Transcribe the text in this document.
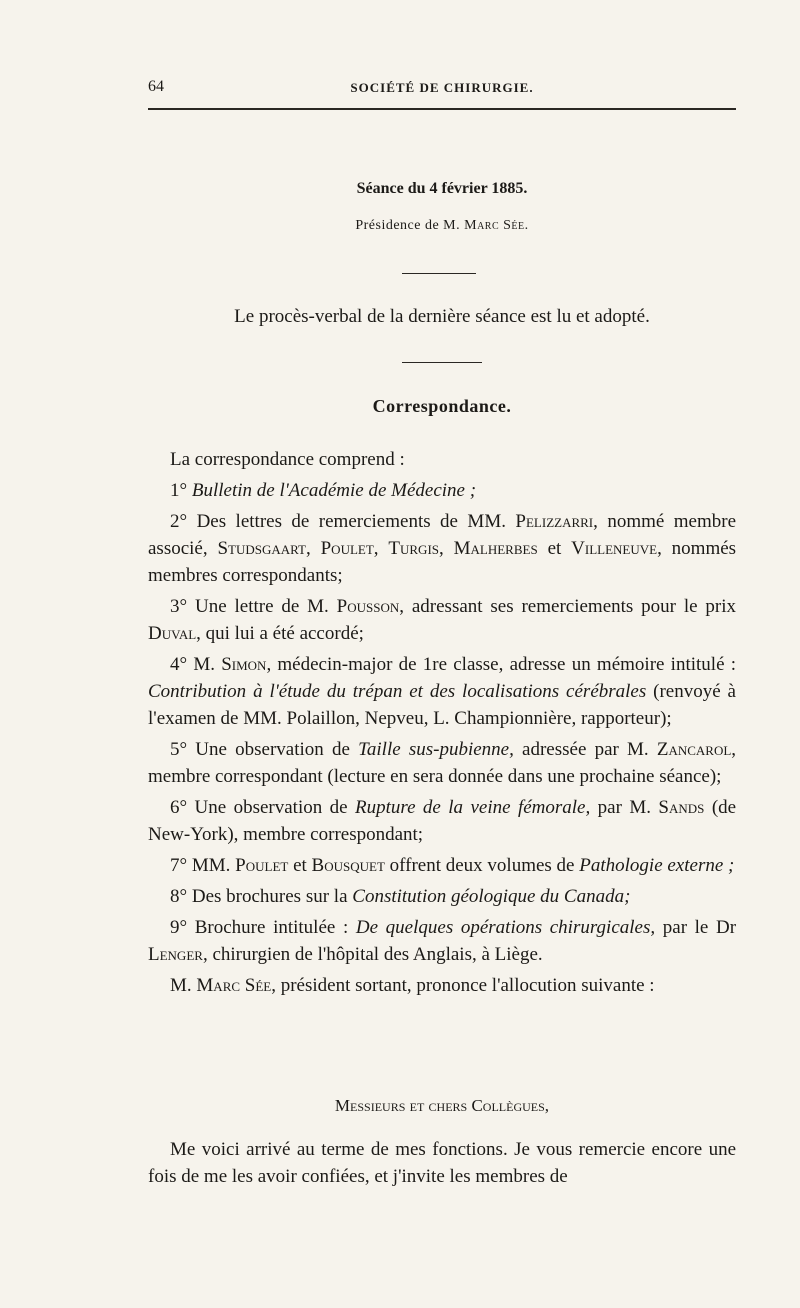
64	SOCIÉTÉ DE CHIRURGIE.
Séance du 4 février 1885.
Présidence de M. Marc Sée.
Le procès-verbal de la dernière séance est lu et adopté.
Correspondance.

La correspondance comprend :

1° Bulletin de l'Académie de Médecine ;

2° Des lettres de remerciements de MM. Pelizzarri, nommé membre associé, Studsgaart, Poulet, Turgis, Malherbes et Villeneuve, nommés membres correspondants;

3° Une lettre de M. Pousson, adressant ses remerciements pour le prix Duval, qui lui a été accordé;

4° M. Simon, médecin-major de 1re classe, adresse un mémoire intitulé : Contribution à l'étude du trépan et des localisations cérébrales (renvoyé à l'examen de MM. Polaillon, Nepveu, L. Championnière, rapporteur);

5° Une observation de Taille sus-pubienne, adressée par M. Zancarol, membre correspondant (lecture en sera donnée dans une prochaine séance);

6° Une observation de Rupture de la veine fémorale, par M. Sands (de New-York), membre correspondant;

7° MM. Poulet et Bousquet offrent deux volumes de Pathologie externe ;

8° Des brochures sur la Constitution géologique du Canada;

9° Brochure intitulée : De quelques opérations chirurgicales, par le Dr Lenger, chirurgien de l'hôpital des Anglais, à Liège.

M. Marc Sée, président sortant, prononce l'allocution suivante :

Messieurs et chers Collègues,

Me voici arrivé au terme de mes fonctions. Je vous remercie encore une fois de me les avoir confiées, et j'invite les membres de
